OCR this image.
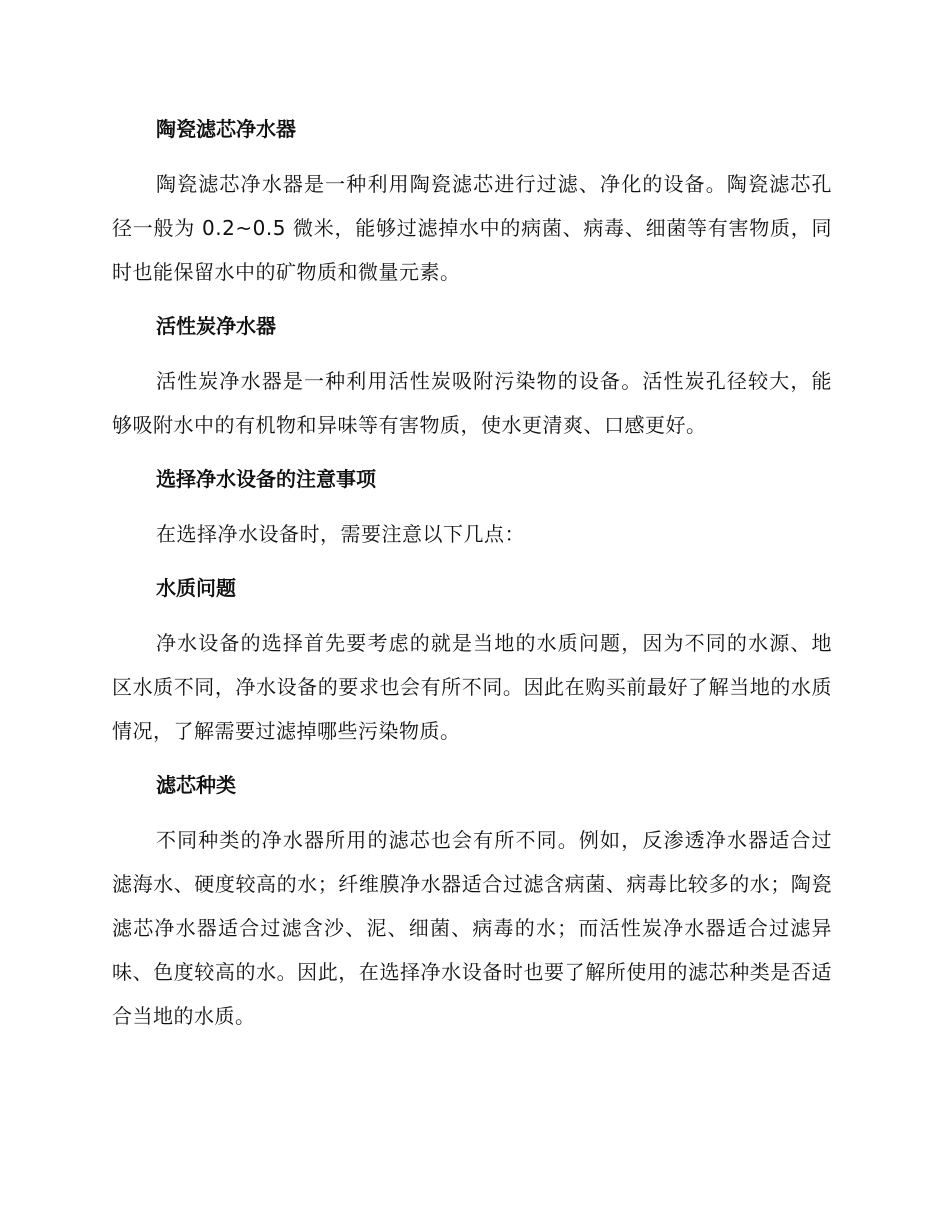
陶瓷滤芯净水器

陶瓷滤芯净水器是一种利用陶瓷滤芯进行过滤、净化的设备。陶瓷滤芯孔径一般为 0.2~0.5 微米，能够过滤掉水中的病菌、病毒、细菌等有害物质，同时也能保留水中的矿物质和微量元素。

活性炭净水器

活性炭净水器是一种利用活性炭吸附污染物的设备。活性炭孔径较大，能够吸附水中的有机物和异味等有害物质，使水更清爽、口感更好。

选择净水设备的注意事项

在选择净水设备时，需要注意以下几点：

水质问题

净水设备的选择首先要考虑的就是当地的水质问题，因为不同的水源、地区水质不同，净水设备的要求也会有所不同。因此在购买前最好了解当地的水质情况，了解需要过滤掉哪些污染物质。

滤芯种类

不同种类的净水器所用的滤芯也会有所不同。例如，反渗透净水器适合过滤海水、硬度较高的水；纤维膜净水器适合过滤含病菌、病毒比较多的水；陶瓷滤芯净水器适合过滤含沙、泥、细菌、病毒的水；而活性炭净水器适合过滤异味、色度较高的水。因此，在选择净水设备时也要了解所使用的滤芯种类是否适合当地的水质。
